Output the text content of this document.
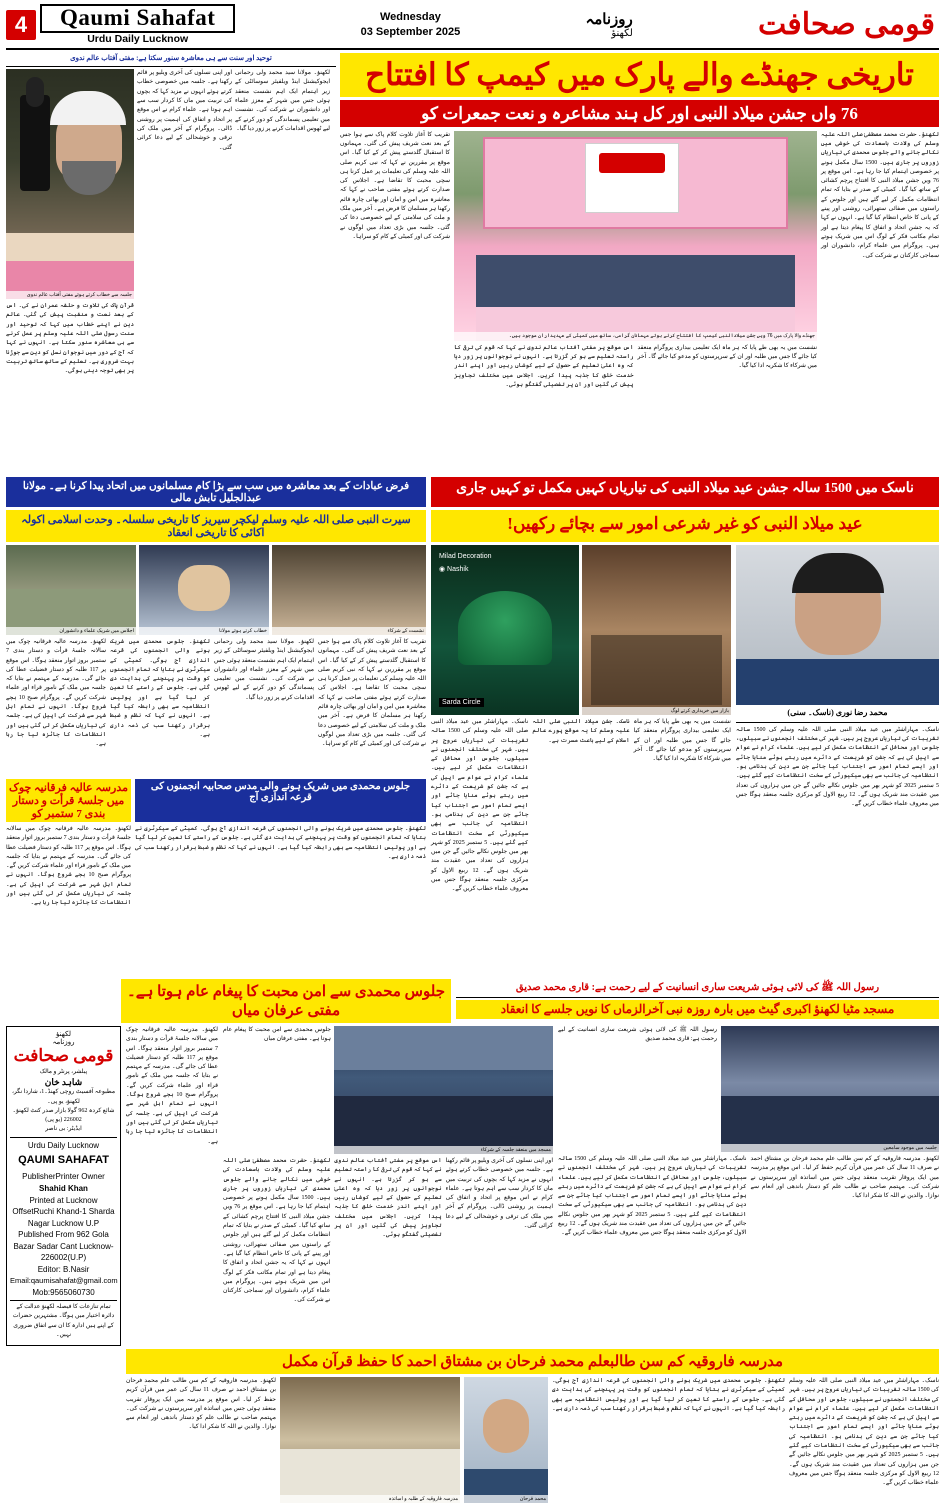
4	Qaumi Sahafat
Urdu Daily Lucknow
Wednesday
03 September 2025
روزنامہ
لکھنؤ	قومی صحافت
توحید اور سنت سے ہی معاشرہ سنور سکتا ہے: مفتی آفتاب عالم ندوی
جلسہ سے خطاب کرتے ہوئے مفتی آفتاب عالم ندوی
قرآن پاک کی تلاوت و حلقہ عمران نے کی۔ اس کے بعد نعت و منقبت پیش کی گئی۔ عالم دین نے اپنے خطاب میں کہا کہ توحید اور سنت رسول صلی اللہ علیہ وسلم پر عمل کرنے سے ہی معاشرہ سنور سکتا ہے۔ انہوں نے کہا کہ آج کے دور میں نوجوان نسل کو دین سے جوڑنا بہت ضروری ہے۔ تعلیم کے ساتھ ساتھ تربیت پر بھی توجہ دینی ہوگی۔
اور اپنی نسلوں کی آخری ویلیو پر قائم رکھنا ہے۔ جلسہ میں خصوصی خطاب کرتے ہوئے انہوں نے مزید کہا کہ بچوں کی تربیت میں ماں کا کردار سب سے اہم ہوتا ہے۔ علماء کرام نے اس موقع پر اتحاد و اتفاق کی اہمیت پر روشنی ڈالی۔ پروگرام کے آخر میں ملک کی ترقی و خوشحالی کے لیے دعا کرائی گئی۔
لکھنؤ۔ مولانا سید محمد ولی رحمانی ایجوکیشنل اینڈ ویلفیئر سوسائٹی کے زیر اہتمام ایک اہم نشست منعقد ہوئی جس میں شہر کے معزز علماء اور دانشوران نے شرکت کی۔ نشست میں تعلیمی پسماندگی کو دور کرنے کے لیے ٹھوس اقدامات کرنے پر زور دیا گیا۔
تاریخی جھنڈے والے پارک میں کیمپ کا افتتاح
76 واں جشن میلاد النبی اور کل ہند مشاعرہ و نعت جمعرات کو
تقریب کا آغاز تلاوت کلام پاک سے ہوا جس کے بعد نعت شریف پیش کی گئی۔ مہمانوں کا استقبال گلدستے پیش کر کے کیا گیا۔ اس موقع پر مقررین نے کہا کہ نبی کریم صلی اللہ علیہ وسلم کی تعلیمات پر عمل کرنا ہی سچی محبت کا تقاضا ہے۔ اجلاس کی صدارت کرتے ہوئے مفتی صاحب نے کہا کہ معاشرہ میں امن و امان اور بھائی چارہ قائم رکھنا ہر مسلمان کا فرض ہے۔ آخر میں ملک و ملت کی سلامتی کے لیے خصوصی دعا کی گئی۔ جلسہ میں بڑی تعداد میں لوگوں نے شرکت کی اور کمیٹی کے کام کو سراہا۔
جھنڈے والا پارک میں 76 ویں جشن میلادالنبی کیمپ کا افتتاح کرتے ہوئے مہمانان گرامی، ساتھ میں کمیٹی کے عہدیداران موجود ہیں۔
اس موقع پر مفتی آفتاب عالم ندوی نے کہا کہ قوم کی ترقی کا راستہ تعلیم سے ہو کر گزرتا ہے۔ انہوں نے نوجوانوں پر زور دیا کہ وہ اعلیٰ تعلیم کے حصول کے لیے کوشاں رہیں اور اپنے اندر خدمت خلق کا جذبہ پیدا کریں۔ اجلاس میں مختلف تجاویز پیش کی گئیں اور ان پر تفصیلی گفتگو ہوئی۔
نشست میں یہ بھی طے پایا کہ ہر ماہ ایک تعلیمی بیداری پروگرام منعقد کیا جائے گا جس میں طلبہ اور ان کے سرپرستوں کو مدعو کیا جائے گا۔ آخر میں شرکاء کا شکریہ ادا کیا گیا۔
لکھنؤ۔ حضرت محمد مصطفیٰ صلی اللہ علیہ وسلم کی ولادت باسعادت کی خوشی میں نکالے جانے والے جلوس محمدی کی تیاریاں زوروں پر جاری ہیں۔ 1500 سال مکمل ہونے پر خصوصی اہتمام کیا جا رہا ہے۔ اس موقع پر 76 ویں جشن میلاد النبی کا افتتاح پرچم کشائی کے ساتھ کیا گیا۔ کمیٹی کے صدر نے بتایا کہ تمام انتظامات مکمل کر لیے گئے ہیں اور جلوس کے راستوں میں صفائی ستھرائی، روشنی اور پینے کے پانی کا خاص انتظام کیا گیا ہے۔ انہوں نے کہا کہ یہ جشن اتحاد و اتفاق کا پیغام دیتا ہے اور تمام مکاتب فکر کے لوگ اس میں شریک ہوتے ہیں۔ پروگرام میں علماء کرام، دانشوران اور سماجی کارکنان نے شرکت کی۔
فرض عبادات کے بعد معاشرہ میں سب سے بڑا کام مسلمانوں میں اتحاد پیدا کرنا ہے۔ مولانا عبدالجلیل تابش مالی
ناسک میں 1500 سالہ جشن عید میلاد النبی کی تیاریاں کہیں مکمل تو کہیں جاری
سیرت النبی صلی اللہ علیہ وسلم لیکچر سیریز کا تاریخی سلسلہ۔ وحدت اسلامی اکولہ اکائی کا تاریخی انعقاد	عید میلاد النبی کو غیر شرعی امور سے بچائے رکھیں!
اجلاس میں شریک علماء و دانشوران	خطاب کرتے ہوئے مولانا	نشست کے شرکاء
لکھنؤ۔ مدرسہ عالیہ فرقانیہ چوک میں سالانہ جلسۂ قرأت و دستار بندی 7 ستمبر بروز اتوار منعقد ہوگا۔ اس موقع پر 117 طلبہ کو دستار فضیلت عطا کی جائے گی۔ مدرسہ کے مہتمم نے بتایا کہ جلسہ میں ملک کے نامور قراء اور علماء شرکت کریں گے۔ پروگرام صبح 10 بجے شروع ہوگا۔ انہوں نے تمام اہل شہر سے شرکت کی اپیل کی ہے۔ جلسہ کی تیاریاں مکمل کر لی گئی ہیں اور انتظامات کا جائزہ لیا جا رہا ہے۔
لکھنؤ۔ جلوس محمدی میں شریک ہونے والی انجمنوں کی قرعہ اندازی آج ہوگی۔ کمیٹی کے سیکرٹری نے بتایا کہ تمام انجمنوں کو وقت پر پہنچنے کی ہدایت دی گئی ہے۔ جلوس کے راستے کا تعین کر لیا گیا ہے اور پولیس انتظامیہ سے بھی رابطہ کیا گیا ہے۔ انہوں نے کہا کہ نظم و ضبط برقرار رکھنا سب کی ذمہ داری ہے۔
لکھنؤ۔ مولانا سید محمد ولی رحمانی ایجوکیشنل اینڈ ویلفیئر سوسائٹی کے زیر اہتمام ایک اہم نشست منعقد ہوئی جس میں شہر کے معزز علماء اور دانشوران نے شرکت کی۔ نشست میں تعلیمی پسماندگی کو دور کرنے کے لیے ٹھوس اقدامات کرنے پر زور دیا گیا۔
تقریب کا آغاز تلاوت کلام پاک سے ہوا جس کے بعد نعت شریف پیش کی گئی۔ مہمانوں کا استقبال گلدستے پیش کر کے کیا گیا۔ اس موقع پر مقررین نے کہا کہ نبی کریم صلی اللہ علیہ وسلم کی تعلیمات پر عمل کرنا ہی سچی محبت کا تقاضا ہے۔ اجلاس کی صدارت کرتے ہوئے مفتی صاحب نے کہا کہ معاشرہ میں امن و امان اور بھائی چارہ قائم رکھنا ہر مسلمان کا فرض ہے۔ آخر میں ملک و ملت کی سلامتی کے لیے خصوصی دعا کی گئی۔ جلسہ میں بڑی تعداد میں لوگوں نے شرکت کی اور کمیٹی کے کام کو سراہا۔
مدرسہ عالیہ فرقانیہ چوک میں جلسۂ قرأت و دستار بندی 7 ستمبر کو
جلوس محمدی میں شریک ہونے والی مدس صحابیہ انجمنوں کی قرعہ اندازی آج
لکھنؤ۔ مدرسہ عالیہ فرقانیہ چوک میں سالانہ جلسۂ قرأت و دستار بندی 7 ستمبر بروز اتوار منعقد ہوگا۔ اس موقع پر 117 طلبہ کو دستار فضیلت عطا کی جائے گی۔ مدرسہ کے مہتمم نے بتایا کہ جلسہ میں ملک کے نامور قراء اور علماء شرکت کریں گے۔ پروگرام صبح 10 بجے شروع ہوگا۔ انہوں نے تمام اہل شہر سے شرکت کی اپیل کی ہے۔ جلسہ کی تیاریاں مکمل کر لی گئی ہیں اور انتظامات کا جائزہ لیا جا رہا ہے۔
لکھنؤ۔ جلوس محمدی میں شریک ہونے والی انجمنوں کی قرعہ اندازی آج ہوگی۔ کمیٹی کے سیکرٹری نے بتایا کہ تمام انجمنوں کو وقت پر پہنچنے کی ہدایت دی گئی ہے۔ جلوس کے راستے کا تعین کر لیا گیا ہے اور پولیس انتظامیہ سے بھی رابطہ کیا گیا ہے۔ انہوں نے کہا کہ نظم و ضبط برقرار رکھنا سب کی ذمہ داری ہے۔
Milad Decoration
◉ Nashik
Sarda Circle
بازار میں خریداری کرتے لوگ
ناسک۔ مہاراشٹر میں عید میلاد النبی صلی اللہ علیہ وسلم کی 1500 سالہ تقریبات کی تیاریاں عروج پر ہیں۔ شہر کی مختلف انجمنوں نے سبیلوں، جلوس اور محافل کے انتظامات مکمل کر لیے ہیں۔ علماء کرام نے عوام سے اپیل کی ہے کہ جشن کو شریعت کے دائرے میں رہتے ہوئے منایا جائے اور ایسے تمام امور سے اجتناب کیا جائے جن سے دین کی بدنامی ہو۔ انتظامیہ کی جانب سے بھی سیکیورٹی کے سخت انتظامات کیے گئے ہیں۔ 5 ستمبر 2025 کو شہر بھر میں جلوس نکالے جائیں گے جن میں ہزاروں کی تعداد میں عقیدت مند شریک ہوں گے۔ 12 ربیع الاول کو مرکزی جلسہ منعقد ہوگا جس میں معروف علماء خطاب کریں گے۔
ناسک۔ جشن میلاد النبی صلی اللہ علیہ وسلم کا یہ موقع پورے عالم اسلام کے لیے باعث مسرت ہے۔
نشست میں یہ بھی طے پایا کہ ہر ماہ ایک تعلیمی بیداری پروگرام منعقد کیا جائے گا جس میں طلبہ اور ان کے سرپرستوں کو مدعو کیا جائے گا۔ آخر میں شرکاء کا شکریہ ادا کیا گیا۔
محمد رضا نوری (ناسک۔ سنی)
ناسک۔ مہاراشٹر میں عید میلاد النبی صلی اللہ علیہ وسلم کی 1500 سالہ تقریبات کی تیاریاں عروج پر ہیں۔ شہر کی مختلف انجمنوں نے سبیلوں، جلوس اور محافل کے انتظامات مکمل کر لیے ہیں۔ علماء کرام نے عوام سے اپیل کی ہے کہ جشن کو شریعت کے دائرے میں رہتے ہوئے منایا جائے اور ایسے تمام امور سے اجتناب کیا جائے جن سے دین کی بدنامی ہو۔ انتظامیہ کی جانب سے بھی سیکیورٹی کے سخت انتظامات کیے گئے ہیں۔ 5 ستمبر 2025 کو شہر بھر میں جلوس نکالے جائیں گے جن میں ہزاروں کی تعداد میں عقیدت مند شریک ہوں گے۔ 12 ربیع الاول کو مرکزی جلسہ منعقد ہوگا جس میں معروف علماء خطاب کریں گے۔
جلوس محمدی سے امن محبت کا پیغام عام ہوتا ہے۔ مفتی عرفان میاں
رسول اللہ ﷺ کی لائی ہوئی شریعت ساری انسانیت کے لیے رحمت ہے: قاری محمد صدیق
مسجد مٹیا لکھنؤ اکبری گیٹ میں بارہ روزہ نبی آخرالزماں کا نویں جلسے کا انعقاد
لکھنؤ
روزنامہ
قومی صحافت
پبلشر، پرنٹر و مالک
شاہد خان
مطبوعہ آفسیٹ روچی کھنڈ۔1، شاردا نگر، لکھنؤ، یو پی۔
شائع کردہ 962 گولا بازار صدر کنٹ لکھنؤ۔ 226002 (یو پی)
ایڈیٹر: بی ناصر
Urdu Daily Lucknow
QAUMI SAHAFAT
PublisherPrinter Owner
Shahid Khan
Printed at Lucknow OffsetRuchi Khand-1 Sharda Nagar Lucknow U.P
Published From 962 Gola Bazar Sadar Cant Lucknow-226002(U.P)
Editor: B.Nasir
Email:qaumisahafat@gmail.com
Mob:9565060730
تمام تنازعات کا فیصلہ لکھنؤ عدالت کے دائرہ اختیار میں ہوگا۔ مشتہرین حضرات کے اپنے ہیں ادارہ کا ان سے اتفاق ضروری نہیں۔
لکھنؤ۔ مدرسہ عالیہ فرقانیہ چوک میں سالانہ جلسۂ قرأت و دستار بندی 7 ستمبر بروز اتوار منعقد ہوگا۔ اس موقع پر 117 طلبہ کو دستار فضیلت عطا کی جائے گی۔ مدرسہ کے مہتمم نے بتایا کہ جلسہ میں ملک کے نامور قراء اور علماء شرکت کریں گے۔ پروگرام صبح 10 بجے شروع ہوگا۔ انہوں نے تمام اہل شہر سے شرکت کی اپیل کی ہے۔ جلسہ کی تیاریاں مکمل کر لی گئی ہیں اور انتظامات کا جائزہ لیا جا رہا ہے۔
جلوس محمدی سے امن محبت کا پیغام عام ہوتا ہے۔ مفتی عرفان میاں
مسجد میں منعقد جلسہ کے شرکاء
لکھنؤ۔ حضرت محمد مصطفیٰ صلی اللہ علیہ وسلم کی ولادت باسعادت کی خوشی میں نکالے جانے والے جلوس محمدی کی تیاریاں زوروں پر جاری ہیں۔ 1500 سال مکمل ہونے پر خصوصی اہتمام کیا جا رہا ہے۔ اس موقع پر 76 ویں جشن میلاد النبی کا افتتاح پرچم کشائی کے ساتھ کیا گیا۔ کمیٹی کے صدر نے بتایا کہ تمام انتظامات مکمل کر لیے گئے ہیں اور جلوس کے راستوں میں صفائی ستھرائی، روشنی اور پینے کے پانی کا خاص انتظام کیا گیا ہے۔ انہوں نے کہا کہ یہ جشن اتحاد و اتفاق کا پیغام دیتا ہے اور تمام مکاتب فکر کے لوگ اس میں شریک ہوتے ہیں۔ پروگرام میں علماء کرام، دانشوران اور سماجی کارکنان نے شرکت کی۔
اس موقع پر مفتی آفتاب عالم ندوی نے کہا کہ قوم کی ترقی کا راستہ تعلیم سے ہو کر گزرتا ہے۔ انہوں نے نوجوانوں پر زور دیا کہ وہ اعلیٰ تعلیم کے حصول کے لیے کوشاں رہیں اور اپنے اندر خدمت خلق کا جذبہ پیدا کریں۔ اجلاس میں مختلف تجاویز پیش کی گئیں اور ان پر تفصیلی گفتگو ہوئی۔
اور اپنی نسلوں کی آخری ویلیو پر قائم رکھنا ہے۔ جلسہ میں خصوصی خطاب کرتے ہوئے انہوں نے مزید کہا کہ بچوں کی تربیت میں ماں کا کردار سب سے اہم ہوتا ہے۔ علماء کرام نے اس موقع پر اتحاد و اتفاق کی اہمیت پر روشنی ڈالی۔ پروگرام کے آخر میں ملک کی ترقی و خوشحالی کے لیے دعا کرائی گئی۔
رسول اللہ ﷺ کی لائی ہوئی شریعت ساری انسانیت کے لیے رحمت ہے: قاری محمد صدیق
جلسہ میں موجود سامعین
ناسک۔ مہاراشٹر میں عید میلاد النبی صلی اللہ علیہ وسلم کی 1500 سالہ تقریبات کی تیاریاں عروج پر ہیں۔ شہر کی مختلف انجمنوں نے سبیلوں، جلوس اور محافل کے انتظامات مکمل کر لیے ہیں۔ علماء کرام نے عوام سے اپیل کی ہے کہ جشن کو شریعت کے دائرے میں رہتے ہوئے منایا جائے اور ایسے تمام امور سے اجتناب کیا جائے جن سے دین کی بدنامی ہو۔ انتظامیہ کی جانب سے بھی سیکیورٹی کے سخت انتظامات کیے گئے ہیں۔ 5 ستمبر 2025 کو شہر بھر میں جلوس نکالے جائیں گے جن میں ہزاروں کی تعداد میں عقیدت مند شریک ہوں گے۔ 12 ربیع الاول کو مرکزی جلسہ منعقد ہوگا جس میں معروف علماء خطاب کریں گے۔
لکھنؤ۔ مدرسہ فاروقیہ کے کم سن طالب علم محمد فرحان بن مشتاق احمد نے صرف 11 سال کی عمر میں قرآن کریم حفظ کر لیا۔ اس موقع پر مدرسہ میں ایک پروقار تقریب منعقد ہوئی جس میں اساتذہ اور سرپرستوں نے شرکت کی۔ مہتمم صاحب نے طالب علم کو دستار باندھی اور انعام سے نوازا۔ والدین نے اللہ کا شکر ادا کیا۔
مدرسہ فاروقیہ کم سن طالبعلم محمد فرحان بن مشتاق احمد کا حفظ قرآن مکمل
لکھنؤ۔ مدرسہ فاروقیہ کے کم سن طالب علم محمد فرحان بن مشتاق احمد نے صرف 11 سال کی عمر میں قرآن کریم حفظ کر لیا۔ اس موقع پر مدرسہ میں ایک پروقار تقریب منعقد ہوئی جس میں اساتذہ اور سرپرستوں نے شرکت کی۔ مہتمم صاحب نے طالب علم کو دستار باندھی اور انعام سے نوازا۔ والدین نے اللہ کا شکر ادا کیا۔
مدرسہ فاروقیہ کے طلبہ و اساتذہ	محمد فرحان
لکھنؤ۔ جلوس محمدی میں شریک ہونے والی انجمنوں کی قرعہ اندازی آج ہوگی۔ کمیٹی کے سیکرٹری نے بتایا کہ تمام انجمنوں کو وقت پر پہنچنے کی ہدایت دی گئی ہے۔ جلوس کے راستے کا تعین کر لیا گیا ہے اور پولیس انتظامیہ سے بھی رابطہ کیا گیا ہے۔ انہوں نے کہا کہ نظم و ضبط برقرار رکھنا سب کی ذمہ داری ہے۔
ناسک۔ مہاراشٹر میں عید میلاد النبی صلی اللہ علیہ وسلم کی 1500 سالہ تقریبات کی تیاریاں عروج پر ہیں۔ شہر کی مختلف انجمنوں نے سبیلوں، جلوس اور محافل کے انتظامات مکمل کر لیے ہیں۔ علماء کرام نے عوام سے اپیل کی ہے کہ جشن کو شریعت کے دائرے میں رہتے ہوئے منایا جائے اور ایسے تمام امور سے اجتناب کیا جائے جن سے دین کی بدنامی ہو۔ انتظامیہ کی جانب سے بھی سیکیورٹی کے سخت انتظامات کیے گئے ہیں۔ 5 ستمبر 2025 کو شہر بھر میں جلوس نکالے جائیں گے جن میں ہزاروں کی تعداد میں عقیدت مند شریک ہوں گے۔ 12 ربیع الاول کو مرکزی جلسہ منعقد ہوگا جس میں معروف علماء خطاب کریں گے۔
